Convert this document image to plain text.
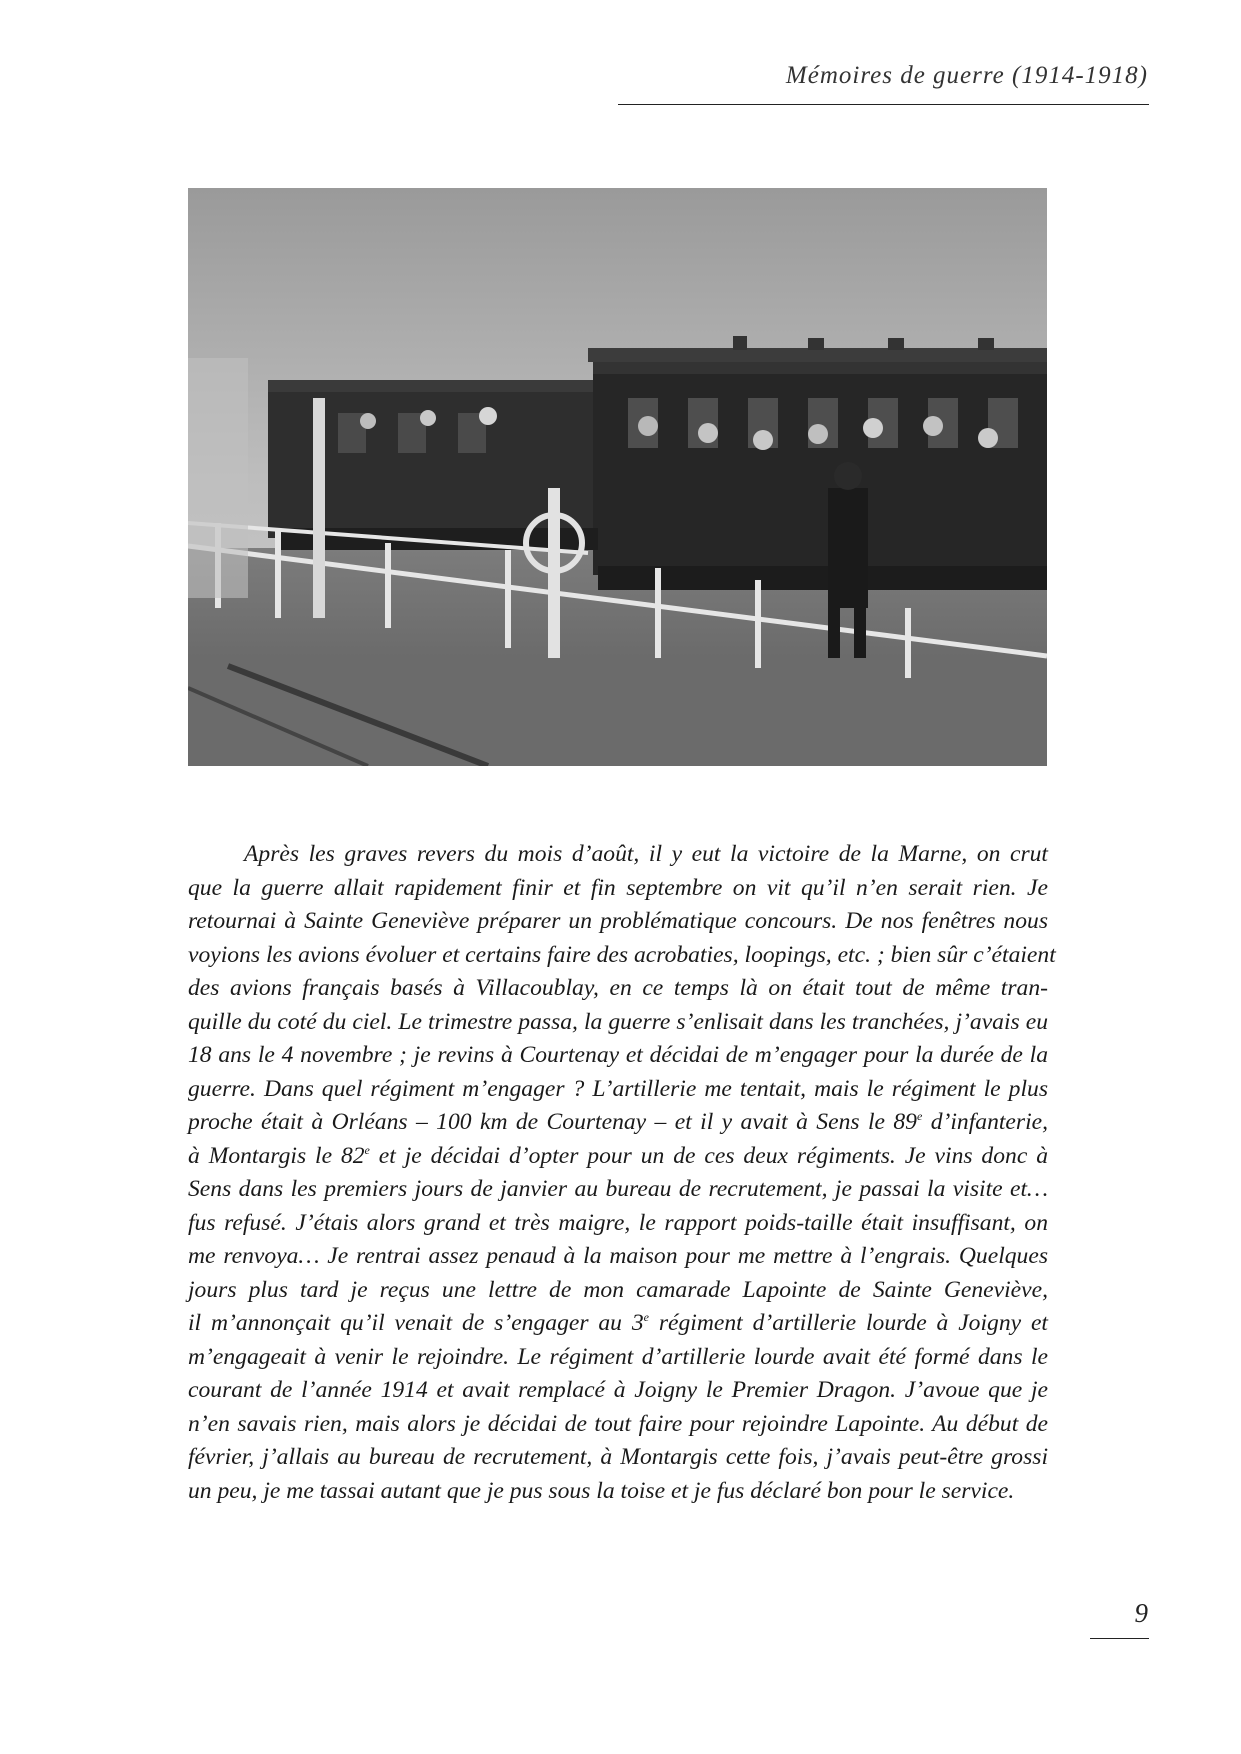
Mémoires de guerre (1914-1918)
Après les graves revers du mois d’août, il y eut la victoire de la Marne, on crut
que la guerre allait rapidement finir et fin septembre on vit qu’il n’en serait rien. Je
retournai à Sainte Geneviève préparer un problématique concours. De nos fenêtres nous
voyions les avions évoluer et certains faire des acrobaties, loopings, etc. ; bien sûr c’étaient
des avions français basés à Villacoublay, en ce temps là on était tout de même tran-
quille du coté du ciel. Le trimestre passa, la guerre s’enlisait dans les tranchées, j’avais eu
18 ans le 4 novembre ; je revins à Courtenay et décidai de m’engager pour la durée de la
guerre. Dans quel régiment m’engager ? L’artillerie me tentait, mais le régiment le plus
proche était à Orléans – 100 km de Courtenay – et il y avait à Sens le 89e d’infanterie,
à Montargis le 82e et je décidai d’opter pour un de ces deux régiments. Je vins donc à
Sens dans les premiers jours de janvier au bureau de recrutement, je passai la visite et…
fus refusé. J’étais alors grand et très maigre, le rapport poids-taille était insuffisant, on
me renvoya… Je rentrai assez penaud à la maison pour me mettre à l’engrais. Quelques
jours plus tard je reçus une lettre de mon camarade Lapointe de Sainte Geneviève,
il m’annonçait qu’il venait de s’engager au 3e régiment d’artillerie lourde à Joigny et
m’engageait à venir le rejoindre. Le régiment d’artillerie lourde avait été formé dans le
courant de l’année 1914 et avait remplacé à Joigny le Premier Dragon. J’avoue que je
n’en savais rien, mais alors je décidai de tout faire pour rejoindre Lapointe. Au début de
février, j’allais au bureau de recrutement, à Montargis cette fois, j’avais peut-être grossi
un peu, je me tassai autant que je pus sous la toise et je fus déclaré bon pour le service.
9
